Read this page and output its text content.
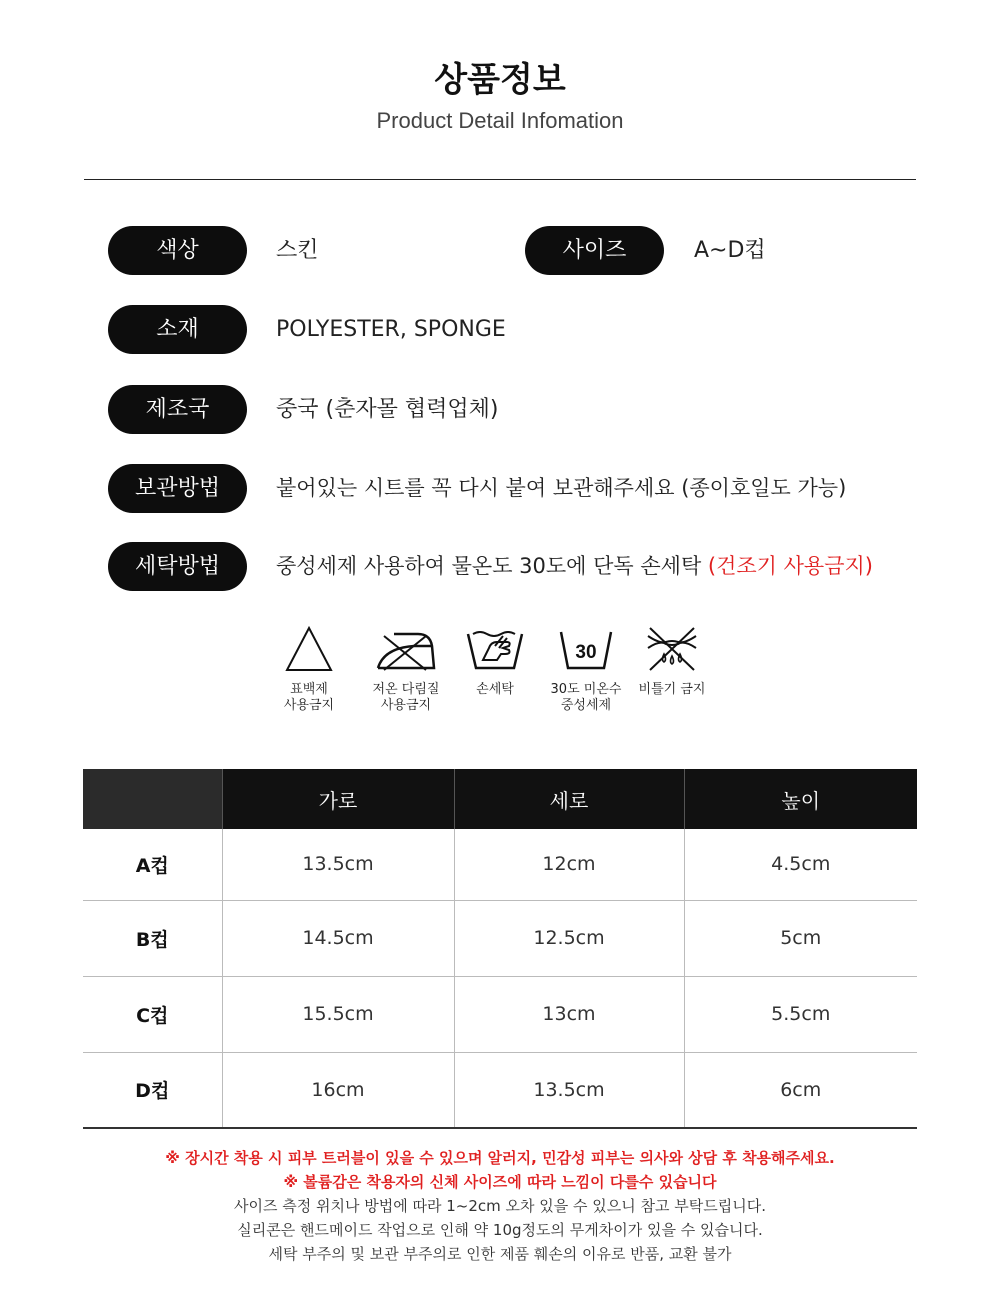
상품정보
Product Detail Infomation
색상	스킨	사이즈	A~D컵
소재	POLYESTER, SPONGE
제조국	중국 (춘자몰 협력업체)
보관방법	붙어있는 시트를 꼭 다시 붙여 보관해주세요 (종이호일도 가능)
세탁방법	중성세제 사용하여 물온도 30도에 단독 손세탁 (건조기 사용금지)
표백제
사용금지
저온 다림질
사용금지
손세탁
30
30도 미온수
중성세제
비틀기 금지
	가로	세로	높이
A컵	13.5cm	12cm	4.5cm
B컵	14.5cm	12.5cm	5cm
C컵	15.5cm	13cm	5.5cm
D컵	16cm	13.5cm	6cm
※ 장시간 착용 시 피부 트러블이 있을 수 있으며 알러지, 민감성 피부는 의사와 상담 후 착용해주세요.
※ 볼륨감은 착용자의 신체 사이즈에 따라 느낌이 다를수 있습니다
사이즈 측정 위치나 방법에 따라 1~2cm 오차 있을 수 있으니 참고 부탁드립니다.
실리콘은 핸드메이드 작업으로 인해 약 10g정도의 무게차이가 있을 수 있습니다.
세탁 부주의 및 보관 부주의로 인한 제품 훼손의 이유로 반품, 교환 불가
